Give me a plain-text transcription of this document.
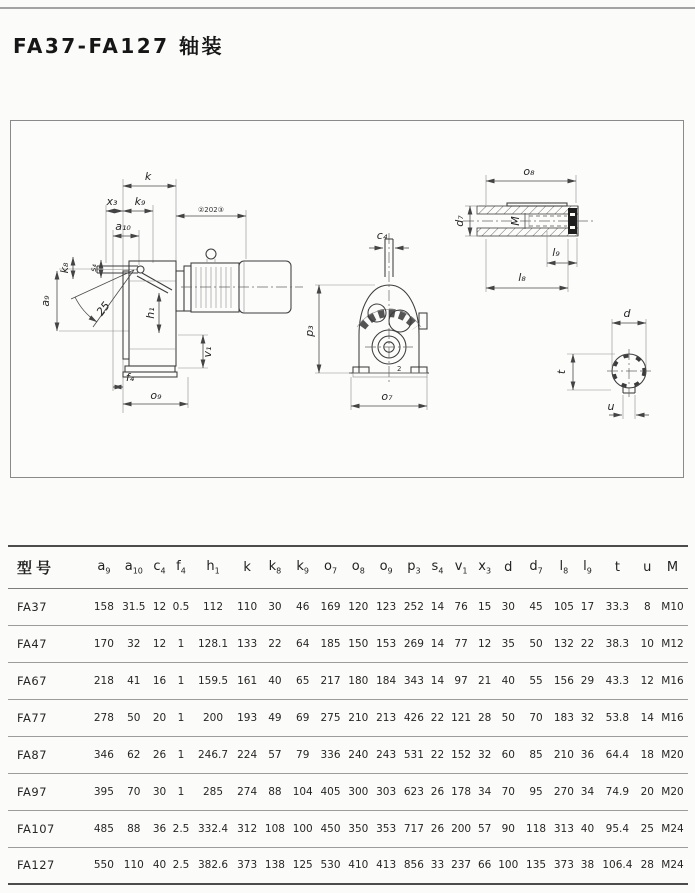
FA37-FA127 轴装
k
x₃ k₉
②202③
a₁₀
s₄
k₈
a₉	25	h₁
v₁
f₄
o₉
c₄
2
p₃
o₇
o₈
M
d₇
l₉
l₈
d
t
u
型号	$a_9$	$a_{10}$	$c_4$	$f_4$	$h_1$	k	$k_8$	$k_9$	$o_7$	$o_8$	$o_9$	$p_3$	$s_4$	$v_1$	$x_3$	d	$d_7$	$l_8$	$l_9$	t	u	M
FA37	158	31.5	12	0.5	112	110	30	46	169	120	123	252	14	76	15	30	45	105	17	33.3	8	M10
FA47	170	32	12	1	128.1	133	22	64	185	150	153	269	14	77	12	35	50	132	22	38.3	10	M12
FA67	218	41	16	1	159.5	161	40	65	217	180	184	343	14	97	21	40	55	156	29	43.3	12	M16
FA77	278	50	20	1	200	193	49	69	275	210	213	426	22	121	28	50	70	183	32	53.8	14	M16
FA87	346	62	26	1	246.7	224	57	79	336	240	243	531	22	152	32	60	85	210	36	64.4	18	M20
FA97	395	70	30	1	285	274	88	104	405	300	303	623	26	178	34	70	95	270	34	74.9	20	M20
FA107	485	88	36	2.5	332.4	312	108	100	450	350	353	717	26	200	57	90	118	313	40	95.4	25	M24
FA127	550	110	40	2.5	382.6	373	138	125	530	410	413	856	33	237	66	100	135	373	38	106.4	28	M24
